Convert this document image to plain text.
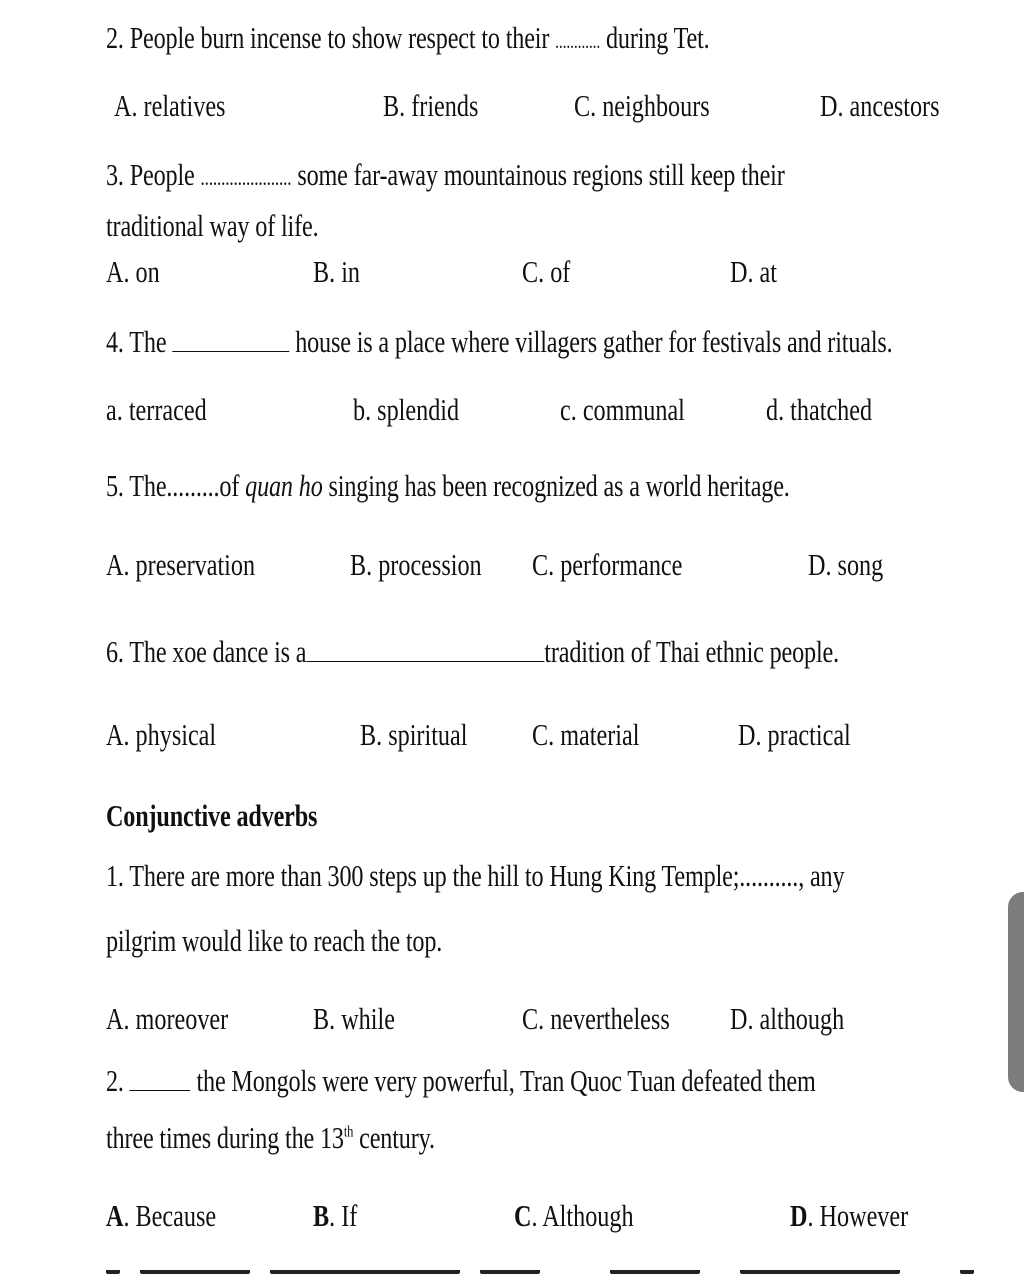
2. People burn incense to show respect to their ............ during Tet.
A. relatives	B. friends	C. neighbours	D. ancestors
3. People ...................... some far-away mountainous regions still keep their
traditional way of life.
A. on	B. in	C. of	D. at
4. The	house is a place where villagers gather for festivals and rituals.
a. terraced	b. splendid	c. communal	d. thatched
5. The.........of quan ho singing has been recognized as a world heritage.
A. preservation	B. procession C. performance	D. song
6. The xoe dance is a	tradition of Thai ethnic people.
A. physical	B. spiritual C. material	D. practical
Conjunctive adverbs
1. There are more than 300 steps up the hill to Hung King Temple;.........., any
pilgrim would like to reach the top.
A. moreover	B. while	C. nevertheless D. although
2.  the Mongols were very powerful, Tran Quoc Tuan defeated them
three times during the 13th century.
A. Because	B. If	C. Although	D. However
